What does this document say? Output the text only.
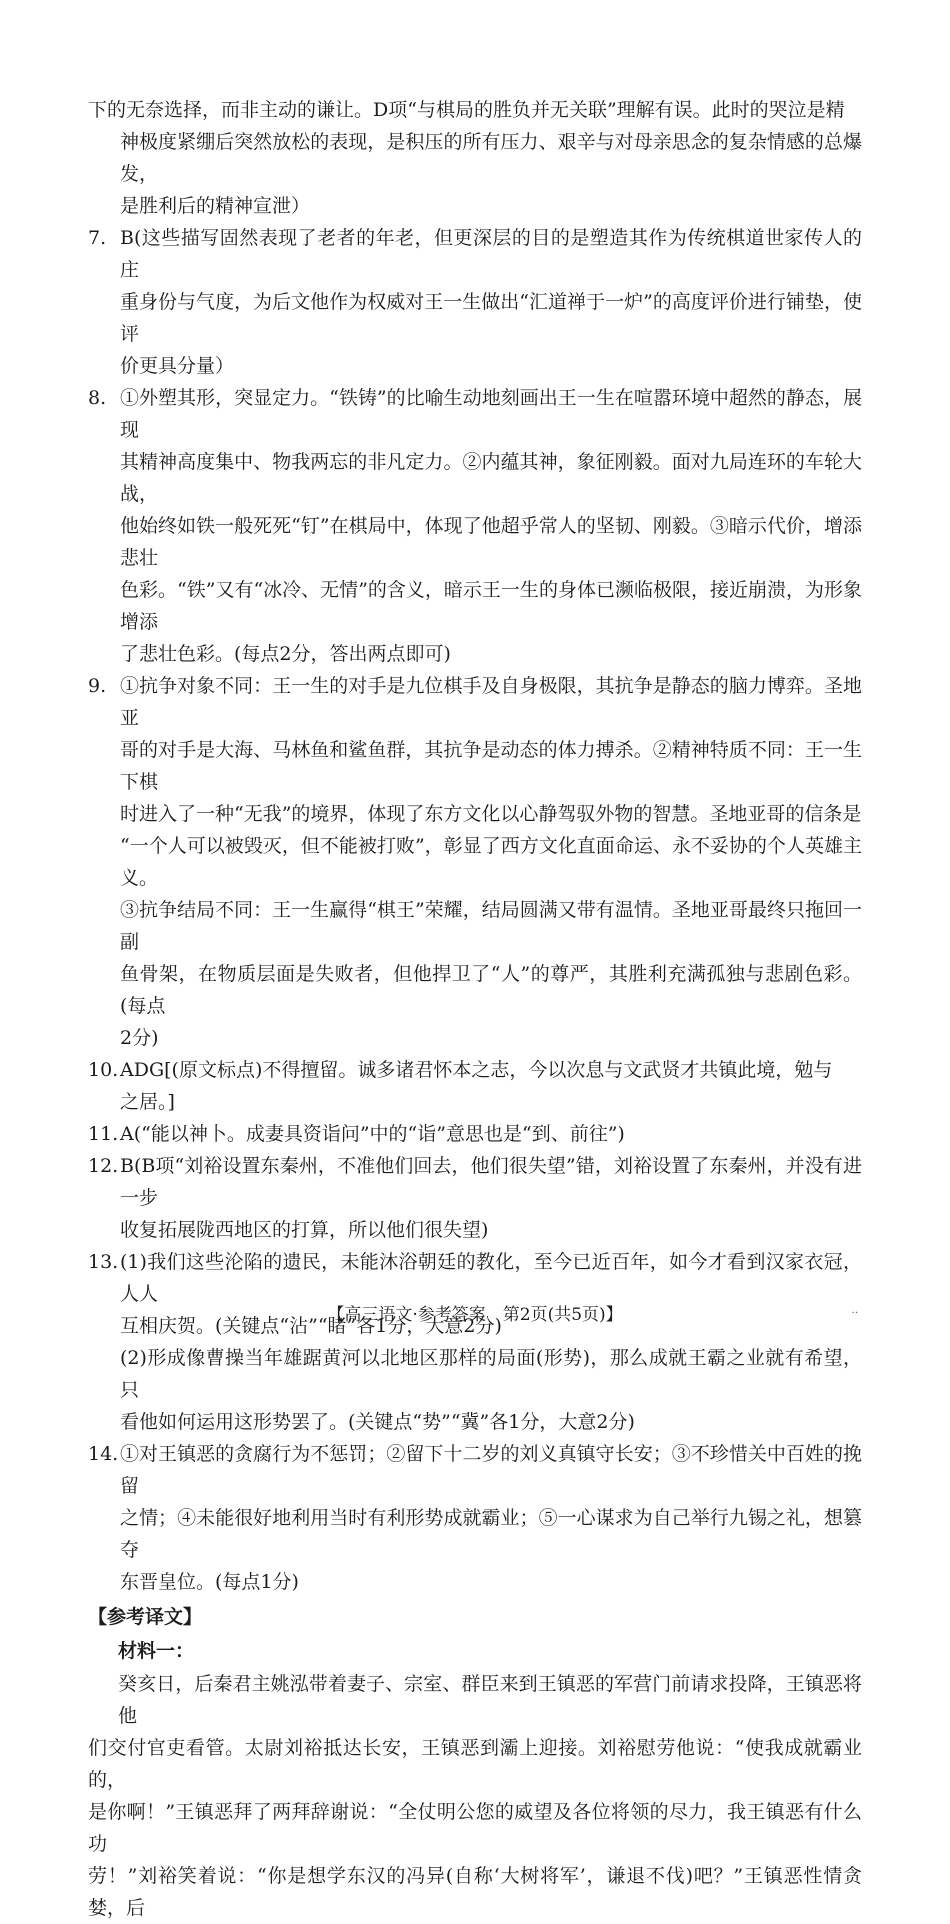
下的无奈选择，而非主动的谦让。D项“与棋局的胜负并无关联”理解有误。此时的哭泣是精
神极度紧绷后突然放松的表现，是积压的所有压力、艰辛与对母亲思念的复杂情感的总爆发，
是胜利后的精神宣泄）
7. B(这些描写固然表现了老者的年老，但更深层的目的是塑造其作为传统棋道世家传人的庄
重身份与气度，为后文他作为权威对王一生做出“汇道禅于一炉”的高度评价进行铺垫，使评
价更具分量）
8. ①外塑其形，突显定力。“铁铸”的比喻生动地刻画出王一生在喧嚣环境中超然的静态，展现
其精神高度集中、物我两忘的非凡定力。②内蕴其神，象征刚毅。面对九局连环的车轮大战，
他始终如铁一般死死“钉”在棋局中，体现了他超乎常人的坚韧、刚毅。③暗示代价，增添悲壮
色彩。“铁”又有“冰冷、无情”的含义，暗示王一生的身体已濒临极限，接近崩溃，为形象增添
了悲壮色彩。(每点2分，答出两点即可)
9. ①抗争对象不同：王一生的对手是九位棋手及自身极限，其抗争是静态的脑力博弈。圣地亚
哥的对手是大海、马林鱼和鲨鱼群，其抗争是动态的体力搏杀。②精神特质不同：王一生下棋
时进入了一种“无我”的境界，体现了东方文化以心静驾驭外物的智慧。圣地亚哥的信条是
“一个人可以被毁灭，但不能被打败”，彰显了西方文化直面命运、永不妥协的个人英雄主义。
③抗争结局不同：王一生赢得“棋王”荣耀，结局圆满又带有温情。圣地亚哥最终只拖回一副
鱼骨架，在物质层面是失败者，但他捍卫了“人”的尊严，其胜利充满孤独与悲剧色彩。(每点
2分)
10. ADG[(原文标点)不得擅留。诚多诸君怀本之志，今以次息与文武贤才共镇此境，勉与
之居。]
11. A(“能以神卜。成妻具资诣问”中的“诣”意思也是“到、前往”)
12. B(B项“刘裕设置东秦州，不准他们回去，他们很失望”错，刘裕设置了东秦州，并没有进一步
收复拓展陇西地区的打算，所以他们很失望)
13. (1)我们这些沦陷的遗民，未能沐浴朝廷的教化，至今已近百年，如今才看到汉家衣冠，人人
互相庆贺。(关键点“沾”“睹”各1分，大意2分)
(2)形成像曹操当年雄踞黄河以北地区那样的局面(形势)，那么成就王霸之业就有希望，只
看他如何运用这形势罢了。(关键点“势”“冀”各1分，大意2分)
14. ①对王镇恶的贪腐行为不惩罚；②留下十二岁的刘义真镇守长安；③不珍惜关中百姓的挽留
之情；④未能很好地利用当时有利形势成就霸业；⑤一心谋求为自己举行九锡之礼，想篡夺
东晋皇位。(每点1分)
【参考译文】
材料一：
癸亥日，后秦君主姚泓带着妻子、宗室、群臣来到王镇恶的军营门前请求投降，王镇恶将他
们交付官吏看管。太尉刘裕抵达长安，王镇恶到灞上迎接。刘裕慰劳他说：“使我成就霸业的，
是你啊！”王镇恶拜了两拜辞谢说：“全仗明公您的威望及各位将领的尽力，我王镇恶有什么功
劳！”刘裕笑着说：“你是想学东汉的冯异(自称‘大树将军’，谦退不伐)吧？”王镇恶性情贪婪，后
【高三语文·参考答案　第2页(共5页)】	··
